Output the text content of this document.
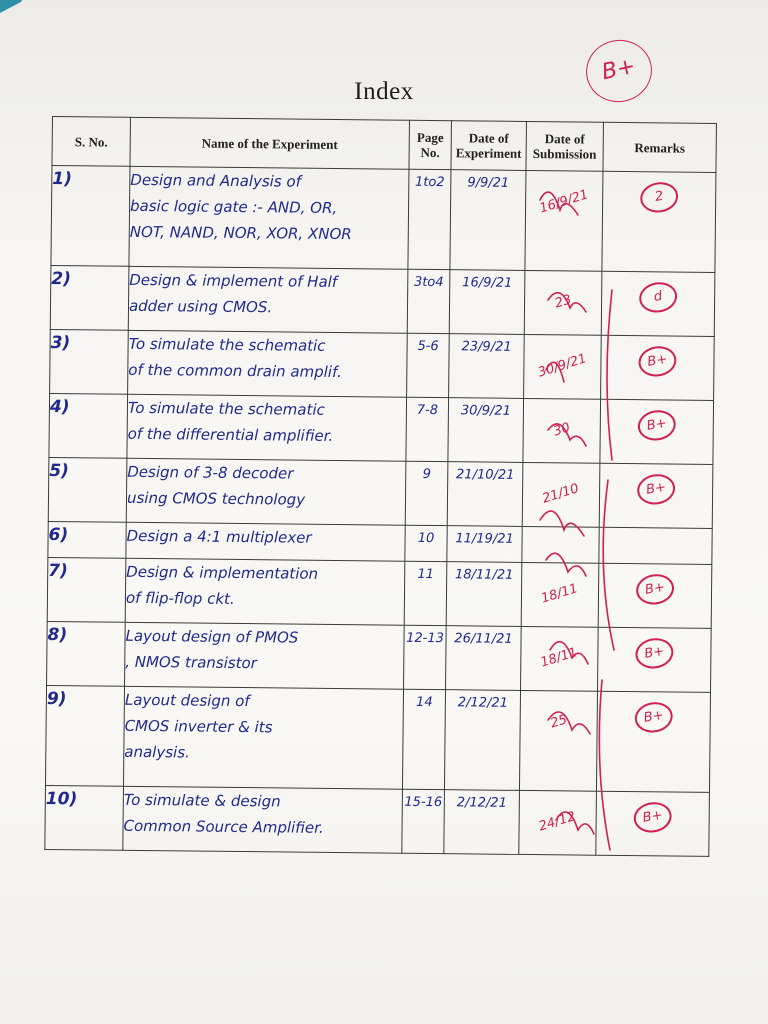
Index
B+
S. No.	Name of the Experiment	Page No.	Date of Experiment	Date of Submission	Remarks
1)	Design and Analysis of
basic logic gate :- AND, OR,
NOT, NAND, NOR, XOR, XNOR	1to2	9/9/21	16/9/21	2
2)	Design & implement of Half
adder using CMOS.	3to4	16/9/21	23	d
3)	To simulate the schematic
of the common drain amplif.	5-6	23/9/21	30/9/21	B+
4)	To simulate the schematic
of the differential amplifier.	7-8	30/9/21	30	B+
5)	Design of 3-8 decoder
using CMOS technology	9	21/10/21	21/10	B+
6)	Design a 4:1 multiplexer	10	11/19/21		
7)	Design & implementation
of flip-flop ckt.	11	18/11/21	18/11	B+
8)	Layout design of PMOS
, NMOS transistor	12-13	26/11/21	18/11	B+
9)	Layout design of
CMOS inverter & its
analysis.	14	2/12/21	25	B+
10)	To simulate & design
Common Source Amplifier.	15-16	2/12/21	24/12	B+
